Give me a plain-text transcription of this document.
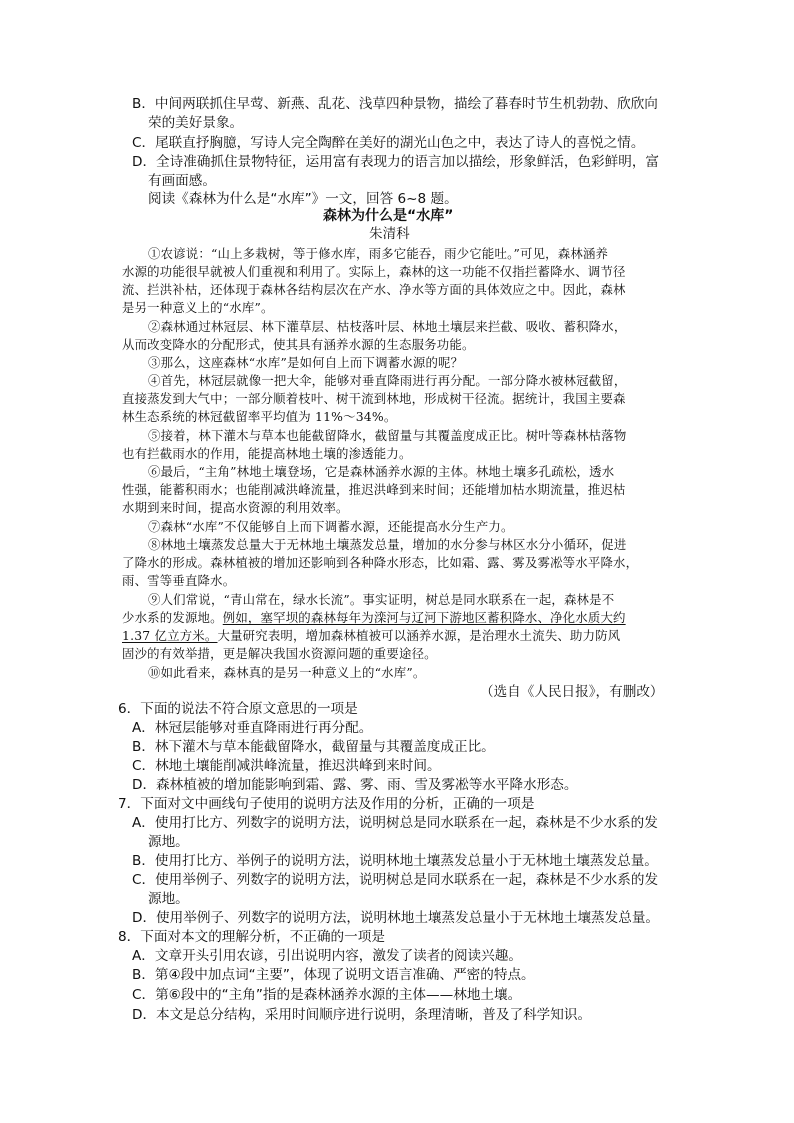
B．中间两联抓住早莺、新燕、乱花、浅草四种景物，描绘了暮春时节生机勃勃、欣欣向
荣的美好景象。
C．尾联直抒胸臆，写诗人完全陶醉在美好的湖光山色之中，表达了诗人的喜悦之情。
D．全诗准确抓住景物特征，运用富有表现力的语言加以描绘，形象鲜活，色彩鲜明，富
有画面感。
阅读《森林为什么是“水库”》一文，回答 6~8 题。
森林为什么是“水库”
朱清科
①农谚说：“山上多栽树，等于修水库，雨多它能吞，雨少它能吐。”可见，森林涵养
水源的功能很早就被人们重视和利用了。实际上，森林的这一功能不仅指拦蓄降水、调节径
流、拦洪补枯，还体现于森林各结构层次在产水、净水等方面的具体效应之中。因此，森林
是另一种意义上的“水库”。
②森林通过林冠层、林下灌草层、枯枝落叶层、林地土壤层来拦截、吸收、蓄积降水，
从而改变降水的分配形式，使其具有涵养水源的生态服务功能。
③那么，这座森林“水库”是如何自上而下调蓄水源的呢？
④首先，林冠层就像一把大伞，能够对垂直降雨进行再分配。一部分降水被林冠截留，
直接蒸发到大气中；一部分顺着枝叶、树干流到林地，形成树干径流。据统计，我国主要森
林生态系统的林冠截留率平均值为 11%～34%。
⑤接着，林下灌木与草本也能截留降水，截留量与其覆盖度成正比。树叶等森林枯落物
也有拦截雨水的作用，能提高林地土壤的渗透能力。
⑥最后，“主角”林地土壤登场，它是森林涵养水源的主体。林地土壤多孔疏松，透水
性强，能蓄积雨水；也能削减洪峰流量，推迟洪峰到来时间；还能增加枯水期流量，推迟枯
水期到来时间，提高水资源的利用效率。
⑦森林“水库”不仅能够自上而下调蓄水源，还能提高水分生产力。
⑧林地土壤蒸发总量大于无林地土壤蒸发总量，增加的水分参与林区水分小循环，促进
了降水的形成。森林植被的增加还影响到各种降水形态，比如霜、露、雾及雾凇等水平降水，
雨、雪等垂直降水。
⑨人们常说，“青山常在，绿水长流”。事实证明，树总是同水联系在一起，森林是不
少水系的发源地。例如，塞罕坝的森林每年为滦河与辽河下游地区蓄积降水、净化水质大约
1.37 亿立方米。大量研究表明，增加森林植被可以涵养水源，是治理水土流失、助力防风
固沙的有效举措，更是解决我国水资源问题的重要途径。
⑩如此看来，森林真的是另一种意义上的“水库”。
（选自《人民日报》，有删改）
6．下面的说法不符合原文意思的一项是
A．林冠层能够对垂直降雨进行再分配。
B．林下灌木与草本能截留降水，截留量与其覆盖度成正比。
C．林地土壤能削减洪峰流量，推迟洪峰到来时间。
D．森林植被的增加能影响到霜、露、雾、雨、雪及雾凇等水平降水形态。
7．下面对文中画线句子使用的说明方法及作用的分析，正确的一项是
A．使用打比方、列数字的说明方法，说明树总是同水联系在一起，森林是不少水系的发
源地。
B．使用打比方、举例子的说明方法，说明林地土壤蒸发总量小于无林地土壤蒸发总量。
C．使用举例子、列数字的说明方法，说明树总是同水联系在一起，森林是不少水系的发
源地。
D．使用举例子、列数字的说明方法，说明林地土壤蒸发总量小于无林地土壤蒸发总量。
8．下面对本文的理解分析，不正确的一项是
A．文章开头引用农谚，引出说明内容，激发了读者的阅读兴趣。
B．第④段中加点词“主要”，体现了说明文语言准确、严密的特点。
C．第⑥段中的“主角”指的是森林涵养水源的主体——林地土壤。
D．本文是总分结构，采用时间顺序进行说明，条理清晰，普及了科学知识。
